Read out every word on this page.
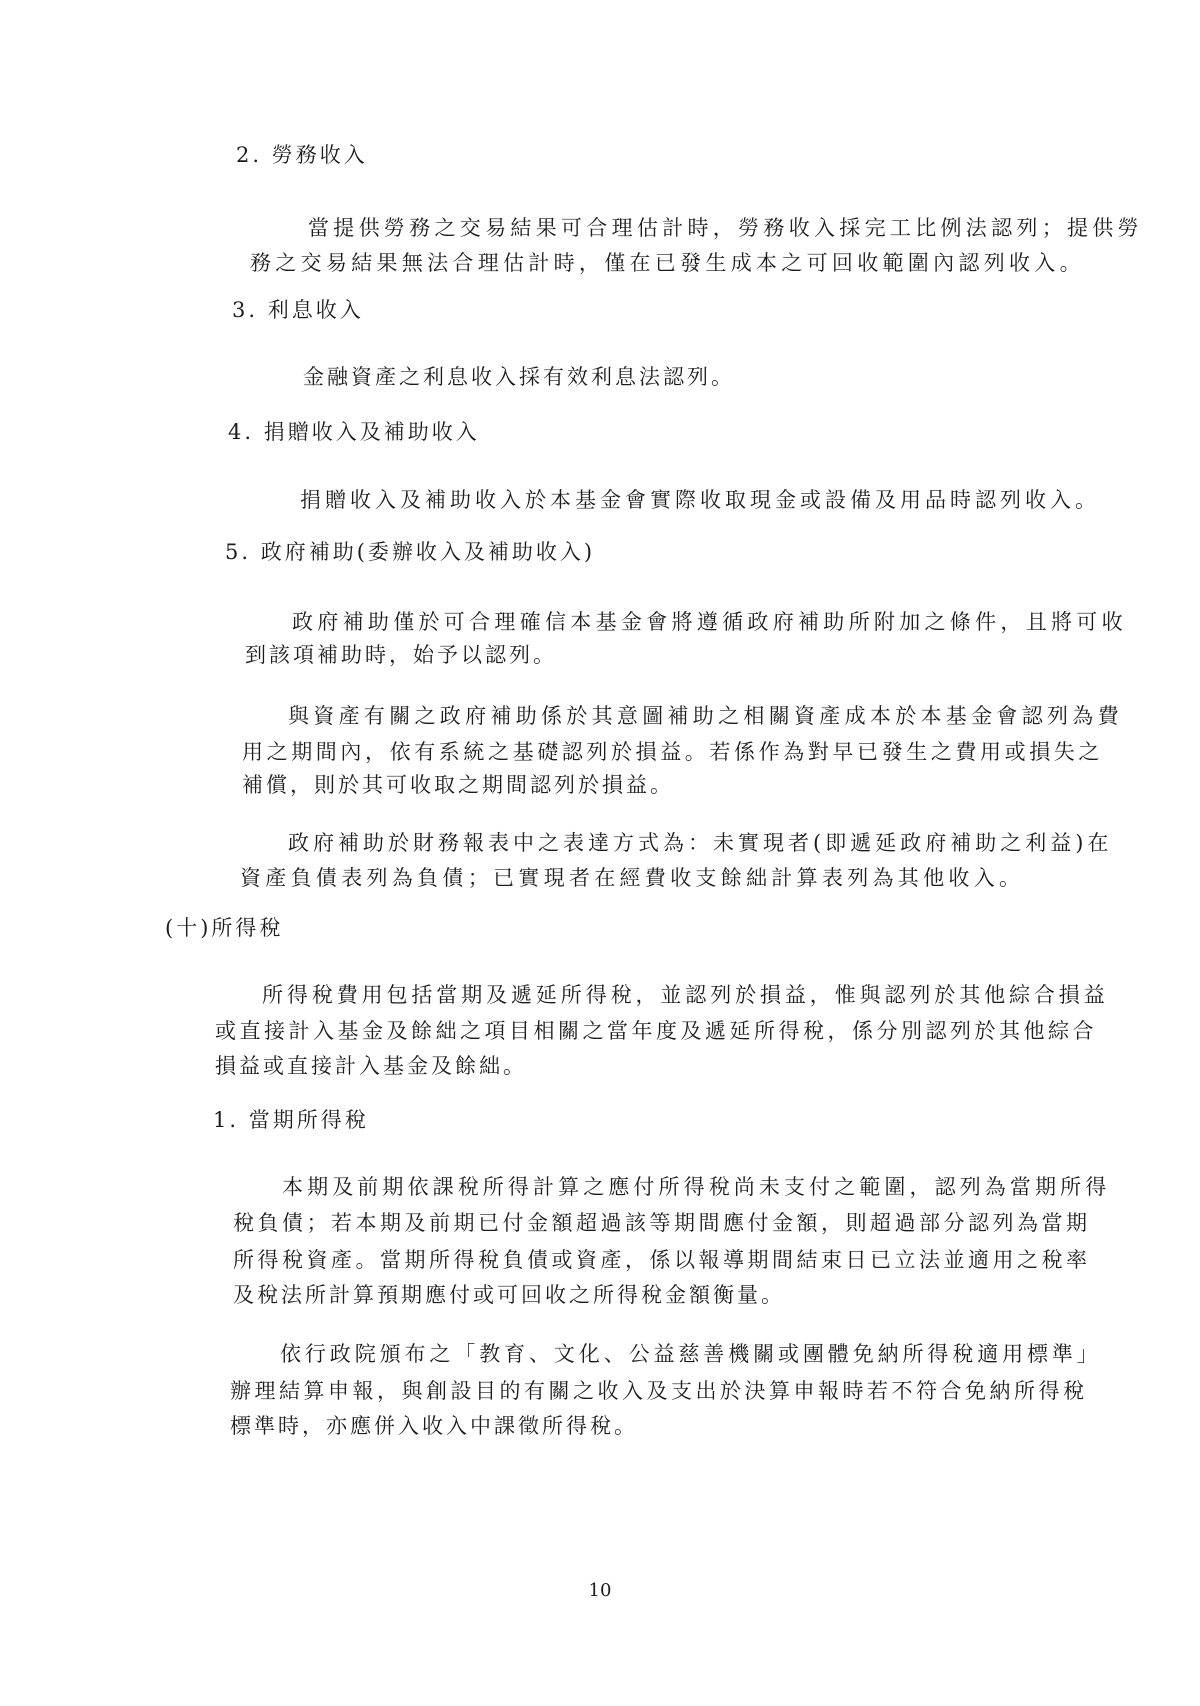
2. 勞務收入

當提供勞務之交易結果可合理估計時，勞務收入採完工比例法認列；提供勞

務之交易結果無法合理估計時，僅在已發生成本之可回收範圍內認列收入。

3. 利息收入

金融資產之利息收入採有效利息法認列。

4. 捐贈收入及補助收入

捐贈收入及補助收入於本基金會實際收取現金或設備及用品時認列收入。

5. 政府補助(委辦收入及補助收入)

政府補助僅於可合理確信本基金會將遵循政府補助所附加之條件，且將可收

到該項補助時，始予以認列。

與資產有關之政府補助係於其意圖補助之相關資產成本於本基金會認列為費

用之期間內，依有系統之基礎認列於損益。若係作為對早已發生之費用或損失之

補償，則於其可收取之期間認列於損益。

政府補助於財務報表中之表達方式為：未實現者(即遞延政府補助之利益)在

資產負債表列為負債；已實現者在經費收支餘絀計算表列為其他收入。

(十)所得稅

所得稅費用包括當期及遞延所得稅，並認列於損益，惟與認列於其他綜合損益

或直接計入基金及餘絀之項目相關之當年度及遞延所得稅，係分別認列於其他綜合

損益或直接計入基金及餘絀。

1. 當期所得稅

本期及前期依課稅所得計算之應付所得稅尚未支付之範圍，認列為當期所得

稅負債；若本期及前期已付金額超過該等期間應付金額，則超過部分認列為當期

所得稅資產。當期所得稅負債或資產，係以報導期間結束日已立法並適用之稅率

及稅法所計算預期應付或可回收之所得稅金額衡量。

依行政院頒布之「教育、文化、公益慈善機關或團體免納所得稅適用標準」

辦理結算申報，與創設目的有關之收入及支出於決算申報時若不符合免納所得稅

標準時，亦應併入收入中課徵所得稅。

10
